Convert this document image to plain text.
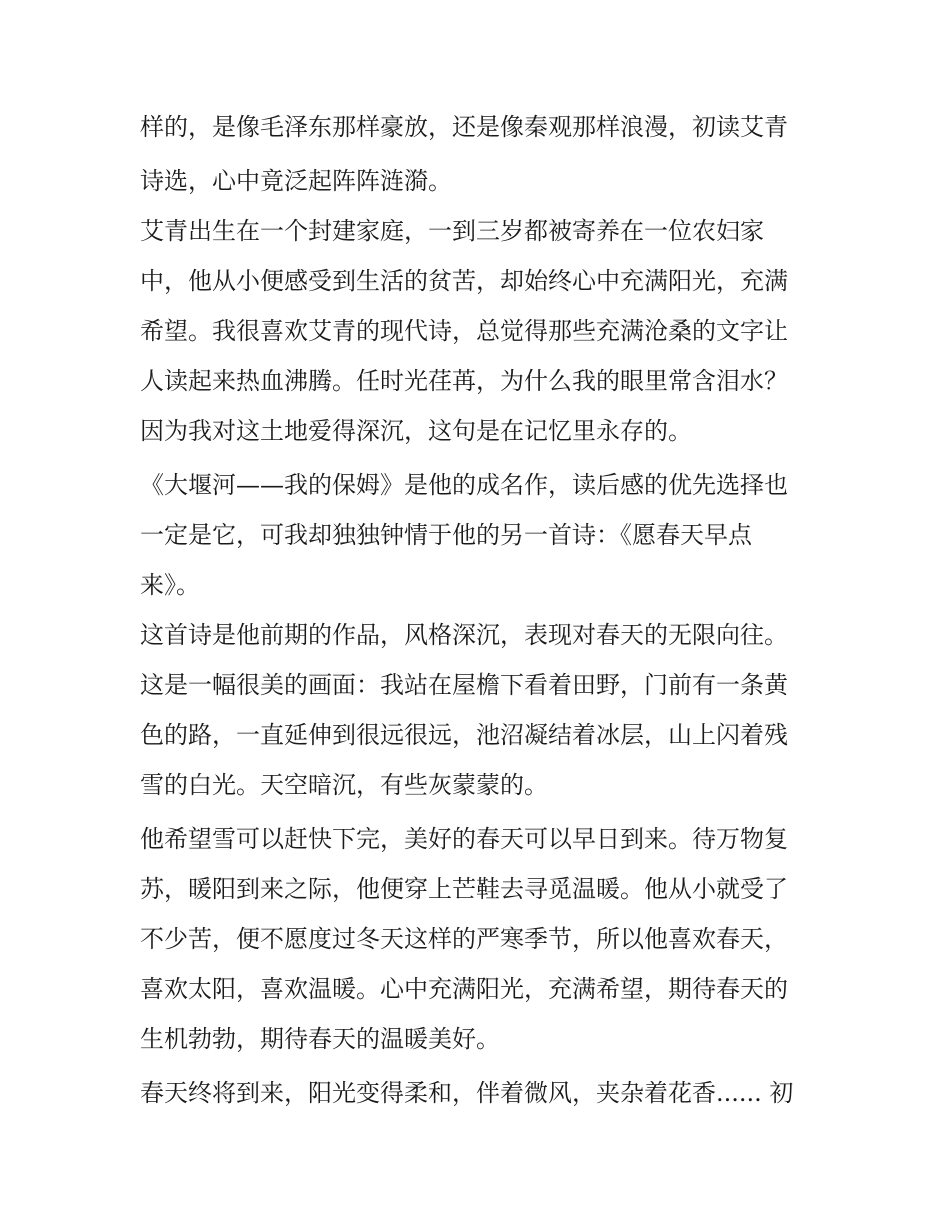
样的，是像毛泽东那样豪放，还是像秦观那样浪漫，初读艾青
诗选，心中竟泛起阵阵涟漪。
艾青出生在一个封建家庭，一到三岁都被寄养在一位农妇家
中，他从小便感受到生活的贫苦，却始终心中充满阳光，充满
希望。我很喜欢艾青的现代诗，总觉得那些充满沧桑的文字让
人读起来热血沸腾。任时光荏苒，为什么我的眼里常含泪水？
因为我对这土地爱得深沉，这句是在记忆里永存的。
《大堰河——我的保姆》是他的成名作，读后感的优先选择也
一定是它，可我却独独钟情于他的另一首诗：《愿春天早点
来》。
这首诗是他前期的作品，风格深沉，表现对春天的无限向往。
这是一幅很美的画面：我站在屋檐下看着田野，门前有一条黄
色的路，一直延伸到很远很远，池沼凝结着冰层，山上闪着残
雪的白光。天空暗沉，有些灰蒙蒙的。
他希望雪可以赶快下完，美好的春天可以早日到来。待万物复
苏，暖阳到来之际，他便穿上芒鞋去寻觅温暖。他从小就受了
不少苦，便不愿度过冬天这样的严寒季节，所以他喜欢春天，
喜欢太阳，喜欢温暖。心中充满阳光，充满希望，期待春天的
生机勃勃，期待春天的温暖美好。
春天终将到来，阳光变得柔和，伴着微风，夹杂着花香...... 初
